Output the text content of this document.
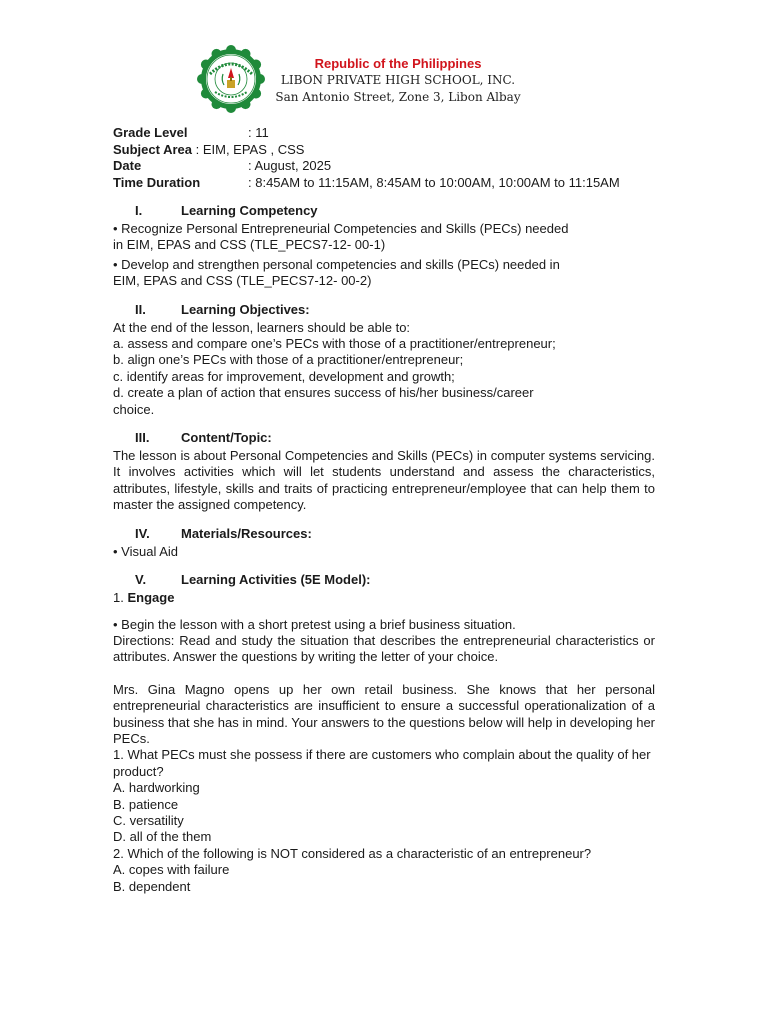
Republic of the Philippines
LIBON PRIVATE HIGH SCHOOL, INC.
San Antonio Street, Zone 3, Libon Albay
Grade Level	: 11
Subject Area : EIM, EPAS , CSS
Date	: August, 2025
Time Duration	: 8:45AM to 11:15AM, 8:45AM to 10:00AM, 10:00AM to 11:15AM
I.	Learning Competency

• Recognize Personal Entrepreneurial Competencies and Skills (PECs) needed

in EIM, EPAS and CSS (TLE_PECS7-12- 00-1)

• Develop and strengthen personal competencies and skills (PECs) needed in

EIM, EPAS and CSS (TLE_PECS7-12- 00-2)

II.	Learning Objectives:

At the end of the lesson, learners should be able to:

a. assess and compare one’s PECs with those of a practitioner/entrepreneur;

b. align one’s PECs with those of a practitioner/entrepreneur;

c. identify areas for improvement, development and growth;

d. create a plan of action that ensures success of his/her business/career

choice.

III. Content/Topic:

The lesson is about Personal Competencies and Skills (PECs) in computer systems servicing. It involves activities which will let students understand and assess the characteristics, attributes, lifestyle, skills and traits of practicing entrepreneur/employee that can help them to master the assigned competency.

IV. Materials/Resources:

• Visual Aid

V.	Learning Activities (5E Model):

1. Engage

• Begin the lesson with a short pretest using a brief business situation.

Directions: Read and study the situation that describes the entrepreneurial characteristics or attributes. Answer the questions by writing the letter of your choice.

Mrs. Gina Magno opens up her own retail business. She knows that her personal entrepreneurial characteristics are insufficient to ensure a successful operationalization of a business that she has in mind. Your answers to the questions below will help in developing her PECs.

1. What PECs must she possess if there are customers who complain about the quality of her product?

A. hardworking

B. patience

C. versatility

D. all of the them

2. Which of the following is NOT considered as a characteristic of an entrepreneur?

A. copes with failure

B. dependent
